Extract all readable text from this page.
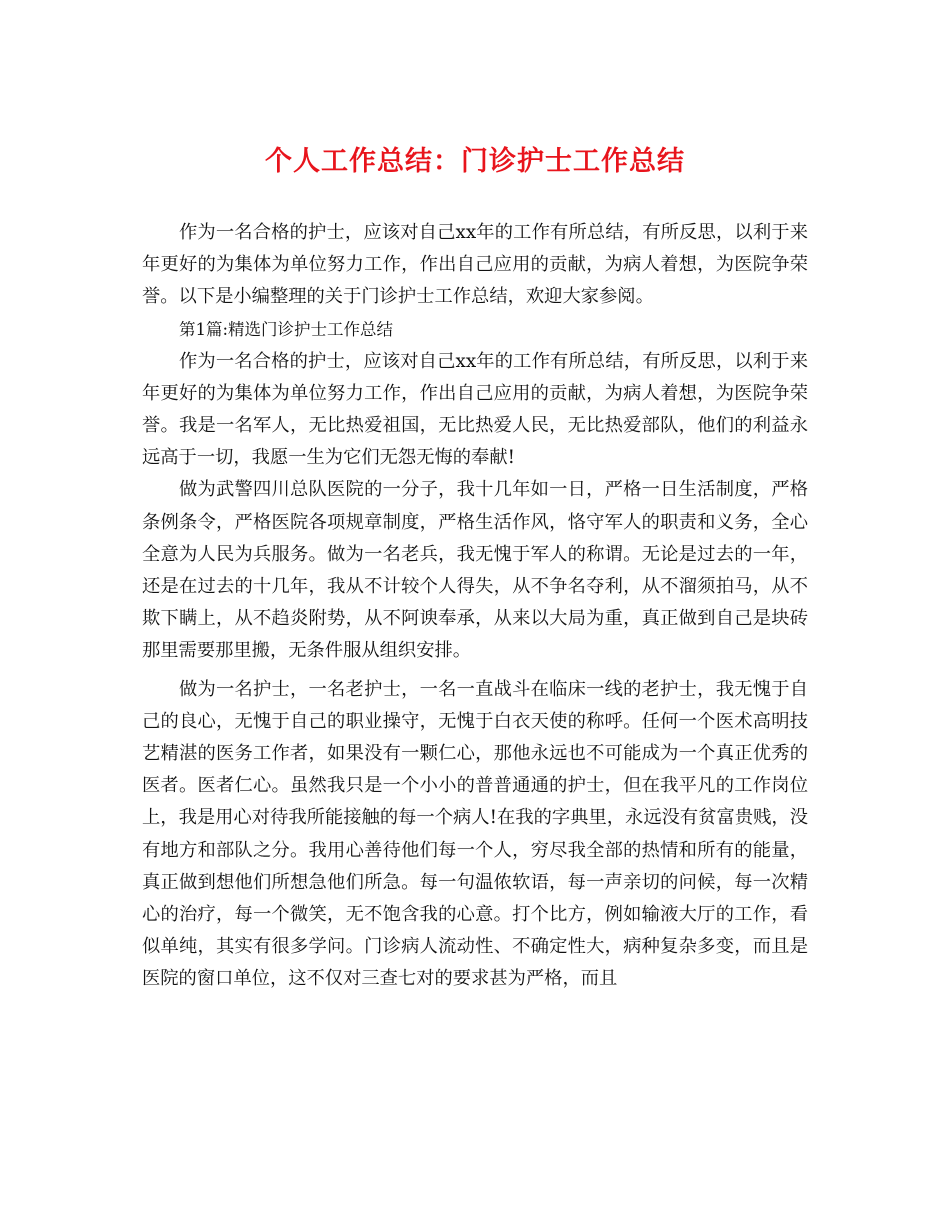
个人工作总结：门诊护士工作总结

作为一名合格的护士，应该对自己xx年的工作有所总结，有所反思，以利于来年更好的为集体为单位努力工作，作出自己应用的贡献，为病人着想，为医院争荣誉。以下是小编整理的关于门诊护士工作总结，欢迎大家参阅。

第1篇:精选门诊护士工作总结

作为一名合格的护士，应该对自己xx年的工作有所总结，有所反思，以利于来年更好的为集体为单位努力工作，作出自己应用的贡献，为病人着想，为医院争荣誉。我是一名军人，无比热爱祖国，无比热爱人民，无比热爱部队，他们的利益永远高于一切，我愿一生为它们无怨无悔的奉献!

做为武警四川总队医院的一分子，我十几年如一日，严格一日生活制度，严格条例条令，严格医院各项规章制度，严格生活作风，恪守军人的职责和义务，全心全意为人民为兵服务。做为一名老兵，我无愧于军人的称谓。无论是过去的一年，还是在过去的十几年，我从不计较个人得失，从不争名夺利，从不溜须拍马，从不欺下瞒上，从不趋炎附势，从不阿谀奉承，从来以大局为重，真正做到自己是块砖那里需要那里搬，无条件服从组织安排。

做为一名护士，一名老护士，一名一直战斗在临床一线的老护士，我无愧于自己的良心，无愧于自己的职业操守，无愧于白衣天使的称呼。任何一个医术高明技艺精湛的医务工作者，如果没有一颗仁心，那他永远也不可能成为一个真正优秀的医者。医者仁心。虽然我只是一个小小的普普通通的护士，但在我平凡的工作岗位上，我是用心对待我所能接触的每一个病人!在我的字典里，永远没有贫富贵贱，没有地方和部队之分。我用心善待他们每一个人，穷尽我全部的热情和所有的能量，真正做到想他们所想急他们所急。每一句温侬软语，每一声亲切的问候，每一次精心的治疗，每一个微笑，无不饱含我的心意。打个比方，例如输液大厅的工作，看似单纯，其实有很多学问。门诊病人流动性、不确定性大，病种复杂多变，而且是医院的窗口单位，这不仅对三查七对的要求甚为严格，而且
